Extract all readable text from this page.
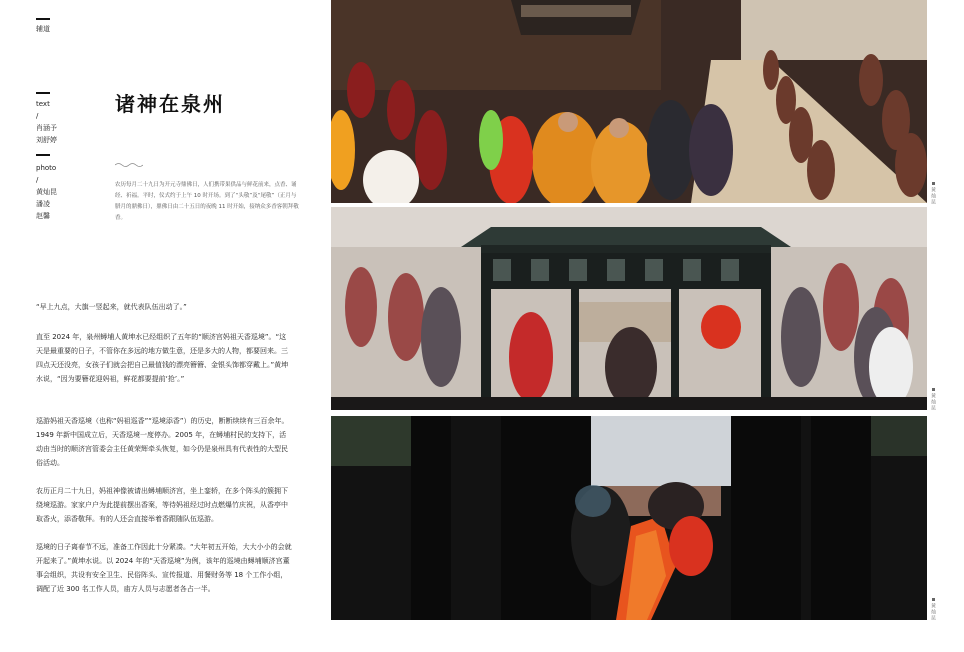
辅道
text
/
肖涵予
刘舒婷
photo
/
黄灿昆
潘凌
赵馨
诸神在泉州
农历每月二十九日为开元寺鼎佛日，人们携带果供品与鲜花前来，点香、诵经、祈福。平时，仪式约于上午 10 时开场。到了“头敬”及“尾敬”（正月与腊月的鼎佛日），鼎佛日由二十五日的夜晚 11 时开始，接纳众多香客朝拜敬香。

“早上九点，大旗一竖起来，就代表队伍出动了。”

直至 2024 年，泉州蟳埔人黄坤水已经组织了五年的“顺济宫妈祖天香巡境”。“这天是最重要的日子，不管你在多远的地方做生意，还是多大的人物，都要回来。三四点天还没亮，女孩子们就会把自己最值钱的漂亮簪簪、金银头饰都穿戴上。”黄坤水说，“因为要簪花迎妈祖，鲜花都要提前‘抢’。”

巡游妈祖天香巡境（也称“妈祖巡香”“巡境添香”）的历史，断断续续有三百余年。1949 年新中国成立后，天香巡境一度停办。2005 年，在蟳埔村民的支持下，活动由当时的顺济宫管委会主任黄荣辉牵头恢复，如今仍是泉州具有代表性的大型民俗活动。

农历正月二十九日，妈祖神像被请出蟳埔顺济宫，坐上銮轿，在多个阵头的簇拥下绕境巡游。家家户户为此提前摆出香案，等待妈祖经过时点燃爆竹庆祝，从香亭中取香火，添香敬拜。有的人还会直接举着香跟随队伍巡游。

巡境的日子离春节不远，准备工作因此十分紧凑。“大年初五开始，大大小小的会就开起来了。”黄坤水说。以 2024 年的“天香巡境”为例，该年的巡境由蟳埔顺济宫董事会组织，共设有安全卫生、民俗阵头、宣传报道、用餐财务等 18 个工作小组，调配了近 300 名工作人员，庙方人员与志愿者各占一半。

黄灿昆
黄灿昆
黄灿昆
